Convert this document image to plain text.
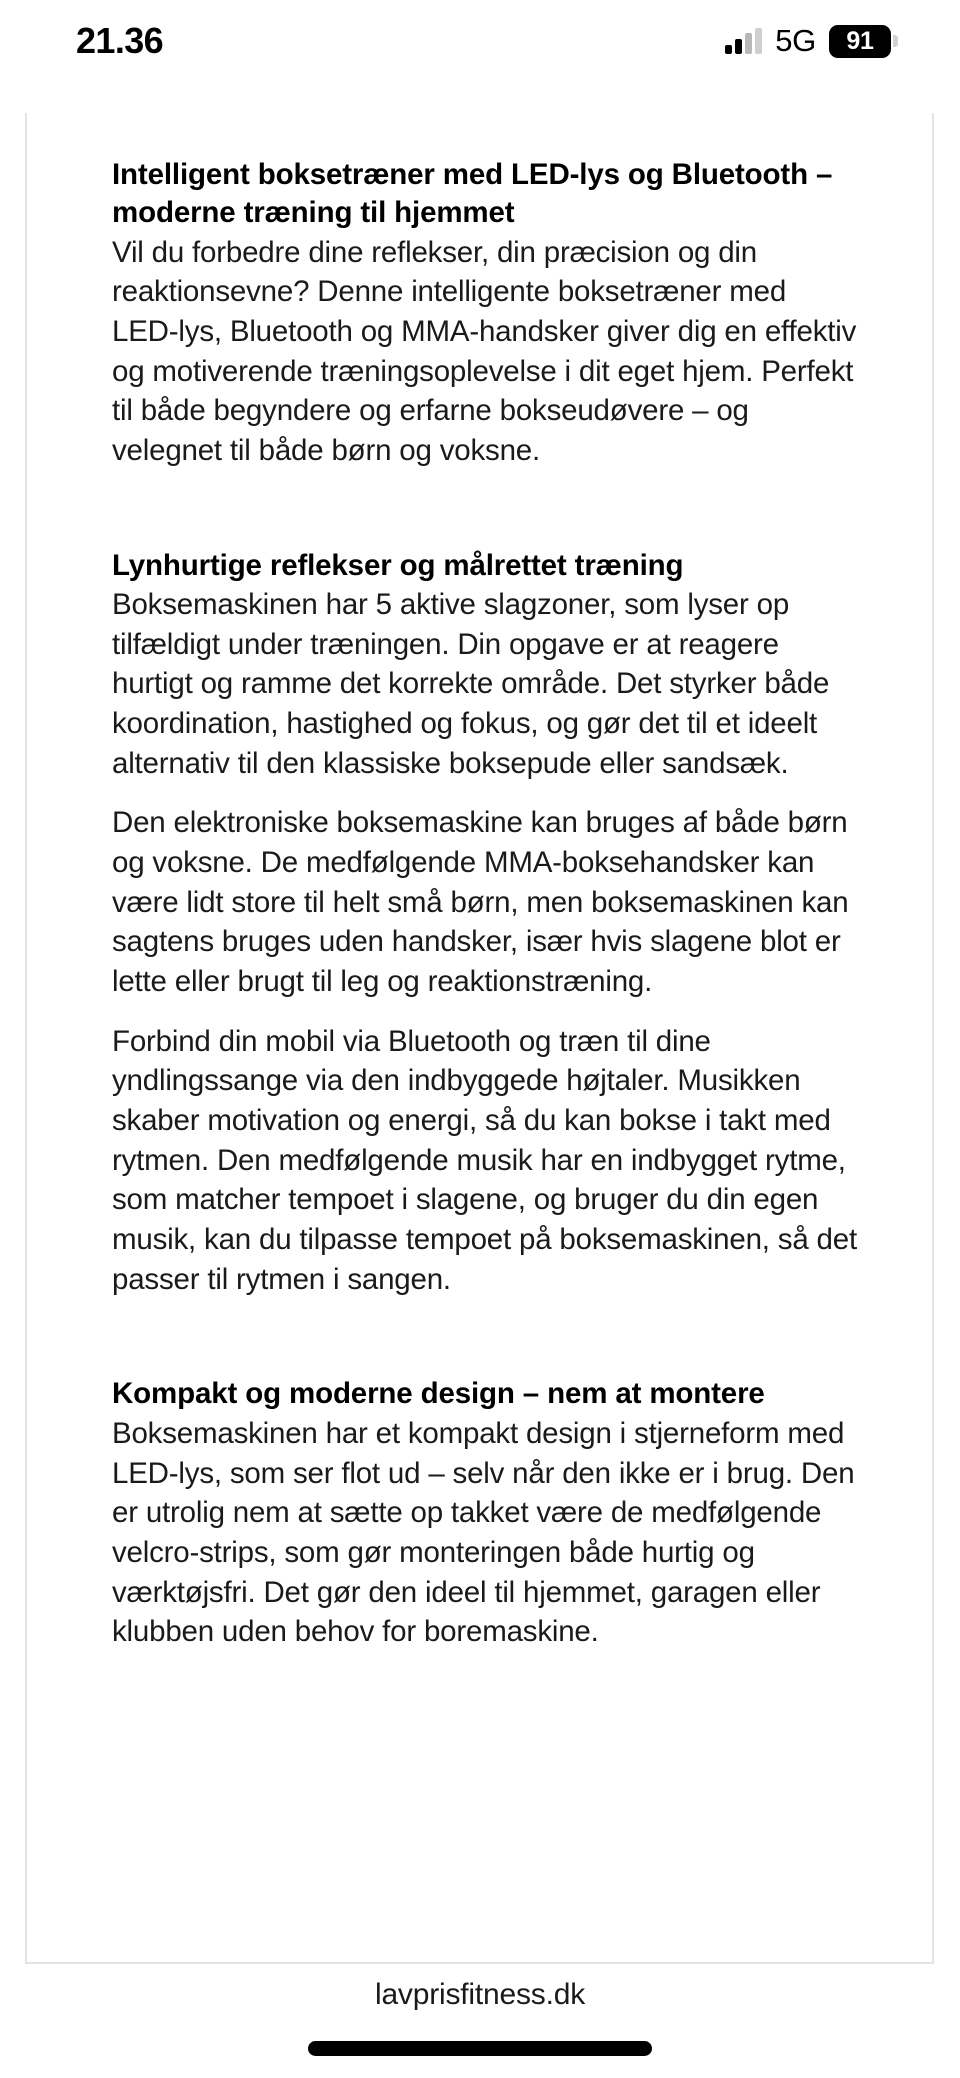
21.36	5G 91
Intelligent boksetræner med LED-lys og Bluetooth – moderne træning til hjemmet

Vil du forbedre dine reflekser, din præcision og din reaktionsevne? Denne intelligente boksetræner med LED-lys, Bluetooth og MMA-handsker giver dig en effektiv og motiverende træningsoplevelse i dit eget hjem. Perfekt til både begyndere og erfarne bokseudøvere – og velegnet til både børn og voksne.

Lynhurtige reflekser og målrettet træning

Boksemaskinen har 5 aktive slagzoner, som lyser op tilfældigt under træningen. Din opgave er at reagere hurtigt og ramme det korrekte område. Det styrker både koordination, hastighed og fokus, og gør det til et ideelt alternativ til den klassiske boksepude eller sandsæk.

Den elektroniske boksemaskine kan bruges af både børn og voksne. De medfølgende MMA-boksehandsker kan være lidt store til helt små børn, men boksemaskinen kan sagtens bruges uden handsker, især hvis slagene blot er lette eller brugt til leg og reaktionstræning.

Forbind din mobil via Bluetooth og træn til dine yndlingssange via den indbyggede højtaler. Musikken skaber motivation og energi, så du kan bokse i takt med rytmen. Den medfølgende musik har en indbygget rytme, som matcher tempoet i slagene, og bruger du din egen musik, kan du tilpasse tempoet på boksemaskinen, så det passer til rytmen i sangen.

Kompakt og moderne design – nem at montere

Boksemaskinen har et kompakt design i stjerneform med LED-lys, som ser flot ud – selv når den ikke er i brug. Den er utrolig nem at sætte op takket være de medfølgende velcro-strips, som gør monteringen både hurtig og værktøjsfri. Det gør den ideel til hjemmet, garagen eller klubben uden behov for boremaskine.

lavprisfitness.dk
